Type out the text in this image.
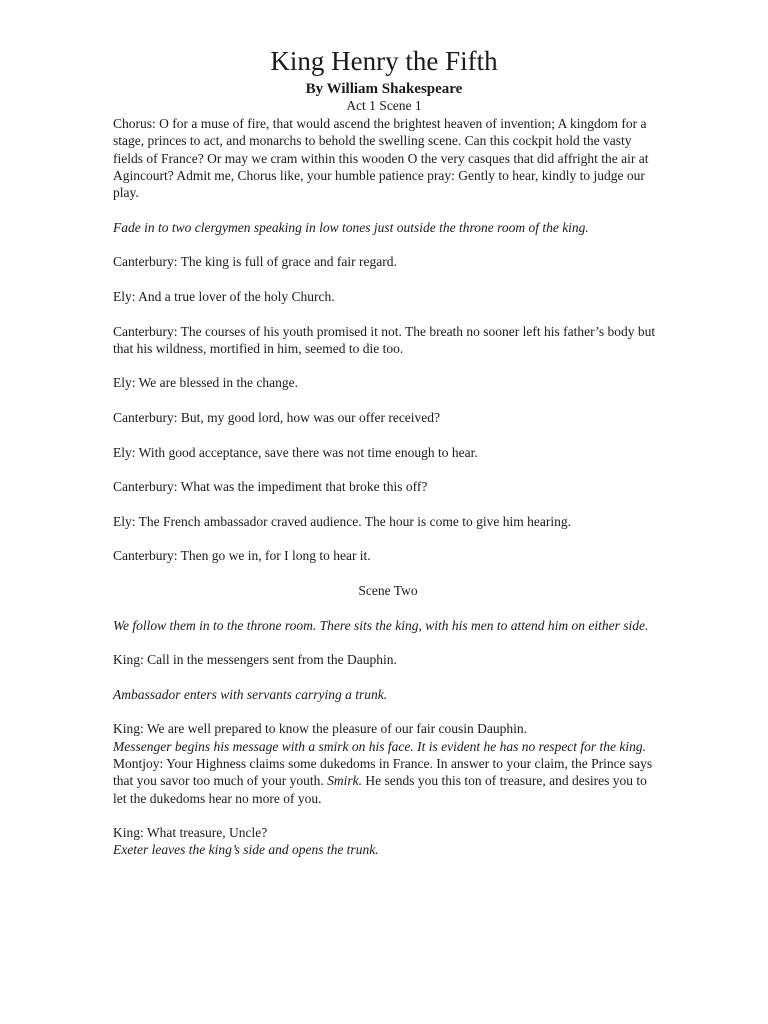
King Henry the Fifth
By William Shakespeare
Act 1 Scene 1

Chorus: O for a muse of fire, that would ascend the brightest heaven of invention; A kingdom for a stage, princes to act, and monarchs to behold the swelling scene. Can this cockpit hold the vasty fields of France? Or may we cram within this wooden O the very casques that did affright the air at Agincourt? Admit me, Chorus like, your humble patience pray: Gently to hear, kindly to judge our play.

Fade in to two clergymen speaking in low tones just outside the throne room of the king.

Canterbury: The king is full of grace and fair regard.

Ely: And a true lover of the holy Church.

Canterbury: The courses of his youth promised it not. The breath no sooner left his father’s body but that his wildness, mortified in him, seemed to die too.

Ely: We are blessed in the change.

Canterbury: But, my good lord, how was our offer received?

Ely: With good acceptance, save there was not time enough to hear.

Canterbury: What was the impediment that broke this off?

Ely: The French ambassador craved audience. The hour is come to give him hearing.

Canterbury: Then go we in, for I long to hear it.

Scene Two

We follow them in to the throne room. There sits the king, with his men to attend him on either side.

King: Call in the messengers sent from the Dauphin.

Ambassador enters with servants carrying a trunk.

King: We are well prepared to know the pleasure of our fair cousin Dauphin.

Messenger begins his message with a smirk on his face. It is evident he has no respect for the king.

Montjoy: Your Highness claims some dukedoms in France. In answer to your claim, the Prince says that you savor too much of your youth. Smirk. He sends you this ton of treasure, and desires you to let the dukedoms hear no more of you.

King: What treasure, Uncle?

Exeter leaves the king’s side and opens the trunk.
